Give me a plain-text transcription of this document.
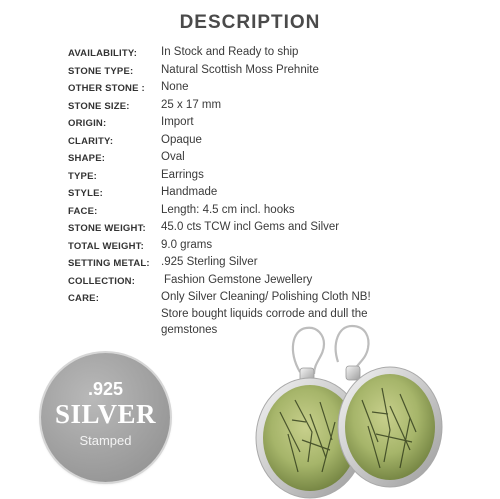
DESCRIPTION
AVAILABILITY: In Stock and Ready to ship
STONE TYPE: Natural Scottish Moss Prehnite
OTHER STONE : None
STONE SIZE:	25 x 17 mm
ORIGIN:	Import
CLARITY:	Opaque
SHAPE:	Oval
TYPE:	Earrings
STYLE:	Handmade
FACE:	Length: 4.5 cm incl. hooks
STONE WEIGHT: 45.0 cts TCW incl Gems and Silver
TOTAL WEIGHT: 9.0 grams
SETTING METAL: .925 Sterling Silver
COLLECTION:	Fashion Gemstone Jewellery
CARE:	Only Silver Cleaning/ Polishing Cloth NB! Store bought liquids corrode and dull the gemstones
.925
SILVER
Stamped
